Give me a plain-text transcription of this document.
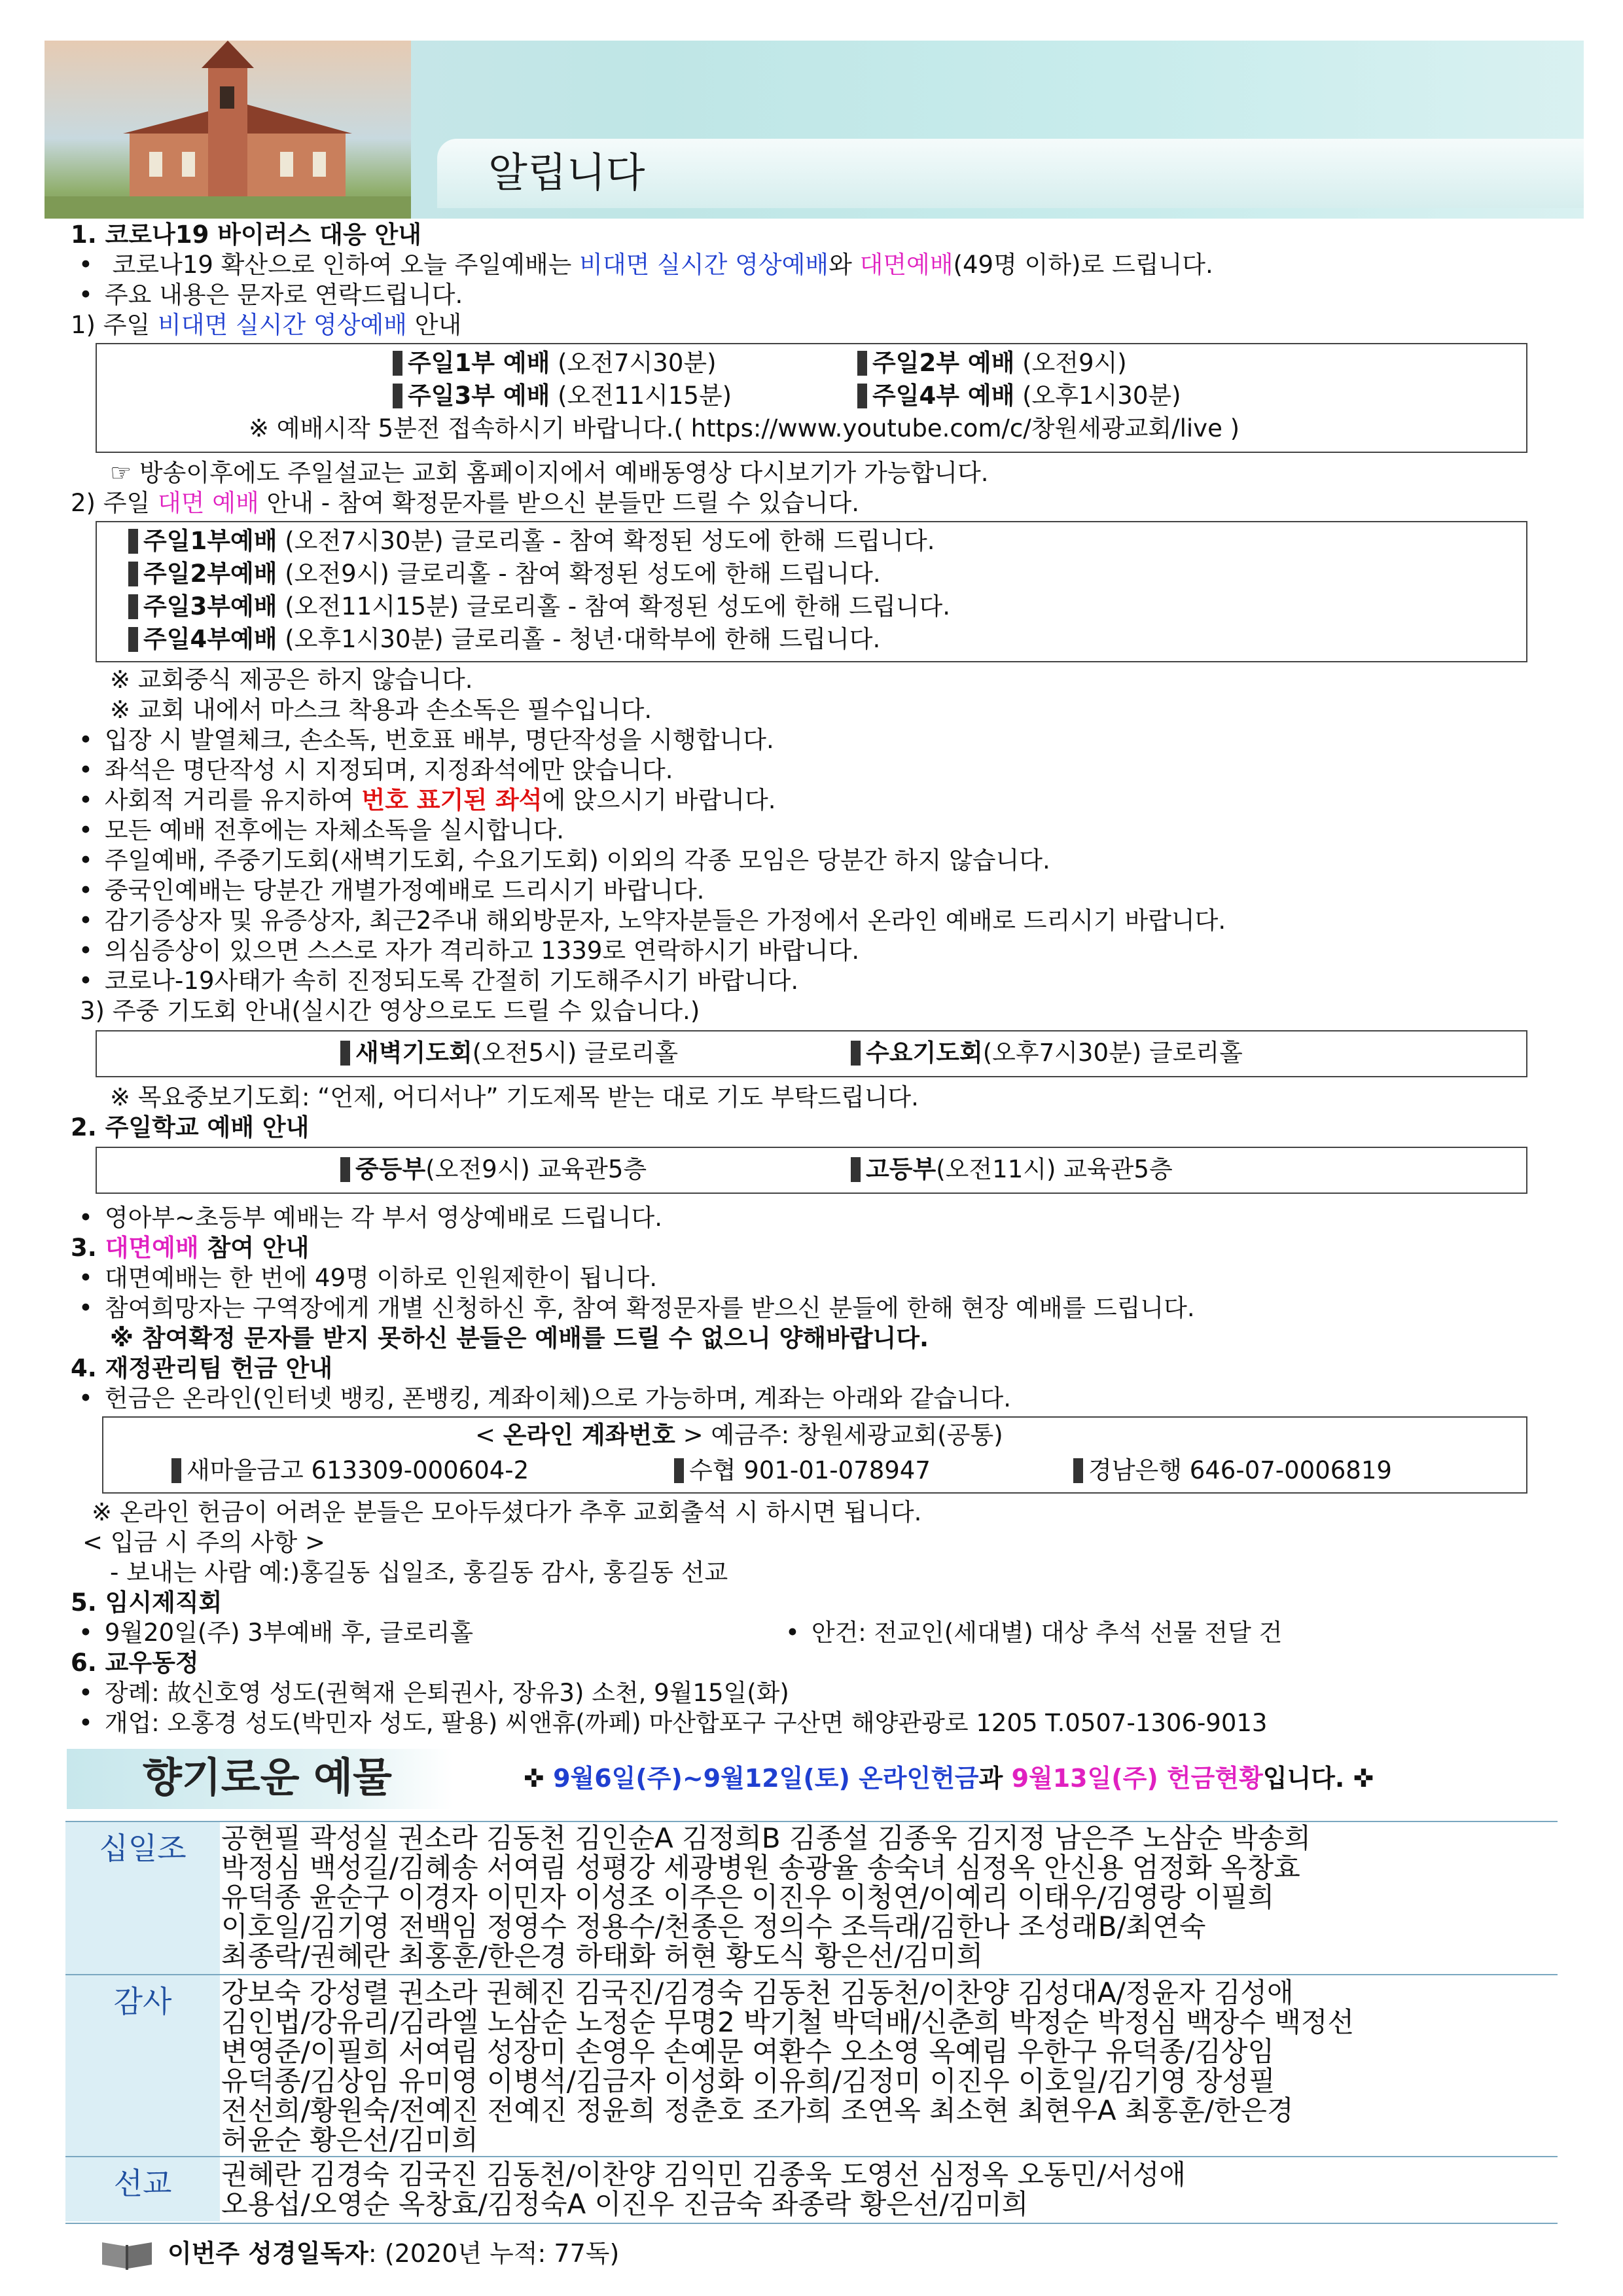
알립니다
1. 코로나19 바이러스 대응 안내
• 코로나19 확산으로 인하여 오늘 주일예배는 비대면 실시간 영상예배와 대면예배(49명 이하)로 드립니다.
• 주요 내용은 문자로 연락드립니다.
1) 주일 비대면 실시간 영상예배 안내
주일1부 예배 (오전7시30분)	주일2부 예배 (오전9시)
주일3부 예배 (오전11시15분)	주일4부 예배 (오후1시30분)
※ 예배시작 5분전 접속하시기 바랍니다.( https://www.youtube.com/c/창원세광교회/live )
☞ 방송이후에도 주일설교는 교회 홈페이지에서 예배동영상 다시보기가 가능합니다.
2) 주일 대면 예배 안내 - 참여 확정문자를 받으신 분들만 드릴 수 있습니다.
주일1부예배 (오전7시30분) 글로리홀 - 참여 확정된 성도에 한해 드립니다.
주일2부예배 (오전9시) 글로리홀 - 참여 확정된 성도에 한해 드립니다.
주일3부예배 (오전11시15분) 글로리홀 - 참여 확정된 성도에 한해 드립니다.
주일4부예배 (오후1시30분) 글로리홀 - 청년·대학부에 한해 드립니다.
※ 교회중식 제공은 하지 않습니다.
※ 교회 내에서 마스크 착용과 손소독은 필수입니다.
• 입장 시 발열체크, 손소독, 번호표 배부, 명단작성을 시행합니다.
• 좌석은 명단작성 시 지정되며, 지정좌석에만 앉습니다.
• 사회적 거리를 유지하여 번호 표기된 좌석에 앉으시기 바랍니다.
• 모든 예배 전후에는 자체소독을 실시합니다.
• 주일예배, 주중기도회(새벽기도회, 수요기도회) 이외의 각종 모임은 당분간 하지 않습니다.
• 중국인예배는 당분간 개별가정예배로 드리시기 바랍니다.
• 감기증상자 및 유증상자, 최근2주내 해외방문자, 노약자분들은 가정에서 온라인 예배로 드리시기 바랍니다.
• 의심증상이 있으면 스스로 자가 격리하고 1339로 연락하시기 바랍니다.
• 코로나-19사태가 속히 진정되도록 간절히 기도해주시기 바랍니다.
3) 주중 기도회 안내(실시간 영상으로도 드릴 수 있습니다.)
새벽기도회(오전5시) 글로리홀	수요기도회(오후7시30분) 글로리홀
※ 목요중보기도회: “언제, 어디서나” 기도제목 받는 대로 기도 부탁드립니다.
2. 주일학교 예배 안내
중등부(오전9시) 교육관5층	고등부(오전11시) 교육관5층
• 영아부~초등부 예배는 각 부서 영상예배로 드립니다.
3. 대면예배 참여 안내
• 대면예배는 한 번에 49명 이하로 인원제한이 됩니다.
• 참여희망자는 구역장에게 개별 신청하신 후, 참여 확정문자를 받으신 분들에 한해 현장 예배를 드립니다.
※ 참여확정 문자를 받지 못하신 분들은 예배를 드릴 수 없으니 양해바랍니다.
4. 재정관리팀 헌금 안내
• 헌금은 온라인(인터넷 뱅킹, 폰뱅킹, 계좌이체)으로 가능하며, 계좌는 아래와 같습니다.
< 온라인 계좌번호 > 예금주: 창원세광교회(공통)
새마을금고 613309-000604-2	수협 901-01-078947	경남은행 646-07-0006819
※ 온라인 헌금이 어려운 분들은 모아두셨다가 추후 교회출석 시 하시면 됩니다.
< 입금 시 주의 사항 >
- 보내는 사람 예:)홍길동 십일조, 홍길동 감사, 홍길동 선교
5. 임시제직회
• 9월20일(주) 3부예배 후, 글로리홀
•	안건: 전교인(세대별) 대상 추석 선물 전달 건
6. 교우동정
• 장례: 故신호영 성도(권혁재 은퇴권사, 장유3) 소천, 9월15일(화)
• 개업: 오홍경 성도(박민자 성도, 팔용) 씨앤휴(까페) 마산합포구 구산면 해양관광로 1205 T.0507-1306-9013
향기로운 예물	✜ 9월6일(주)~9월12일(토) 온라인헌금과 9월13일(주) 헌금현황입니다. ✜
십일조	공현필 곽성실 권소라 김동천 김인순A 김정희B 김종설 김종욱 김지정 남은주 노삼순 박송희
박정심 백성길/김혜송 서여림 성평강 세광병원 송광율 송숙녀 심정옥 안신용 엄정화 옥창효
유덕종 윤순구 이경자 이민자 이성조 이주은 이진우 이청연/이예리 이태우/김영랑 이필희
이호일/김기영 전백임 정영수 정용수/천종은 정의수 조득래/김한나 조성래B/최연숙
최종락/권혜란 최홍훈/한은경 하태화 허현 황도식 황은선/김미희
감사	강보숙 강성렬 권소라 권혜진 김국진/김경숙 김동천 김동천/이찬양 김성대A/정윤자 김성애
김인법/강유리/김라엘 노삼순 노정순 무명2 박기철 박덕배/신춘희 박정순 박정심 백장수 백정선
변영준/이필희 서여림 성장미 손영우 손예문 여환수 오소영 옥예림 우한구 유덕종/김상임
유덕종/김상임 유미영 이병석/김금자 이성화 이유희/김정미 이진우 이호일/김기영 장성필
전선희/황원숙/전예진 전예진 정윤희 정춘호 조가희 조연옥 최소현 최현우A 최홍훈/한은경
허윤순 황은선/김미희
선교	권혜란 김경숙 김국진 김동천/이찬양 김익민 김종욱 도영선 심정옥 오동민/서성애
오용섭/오영순 옥창효/김정숙A 이진우 진금숙 좌종락 황은선/김미희
이번주 성경일독자: (2020년 누적: 77독)
